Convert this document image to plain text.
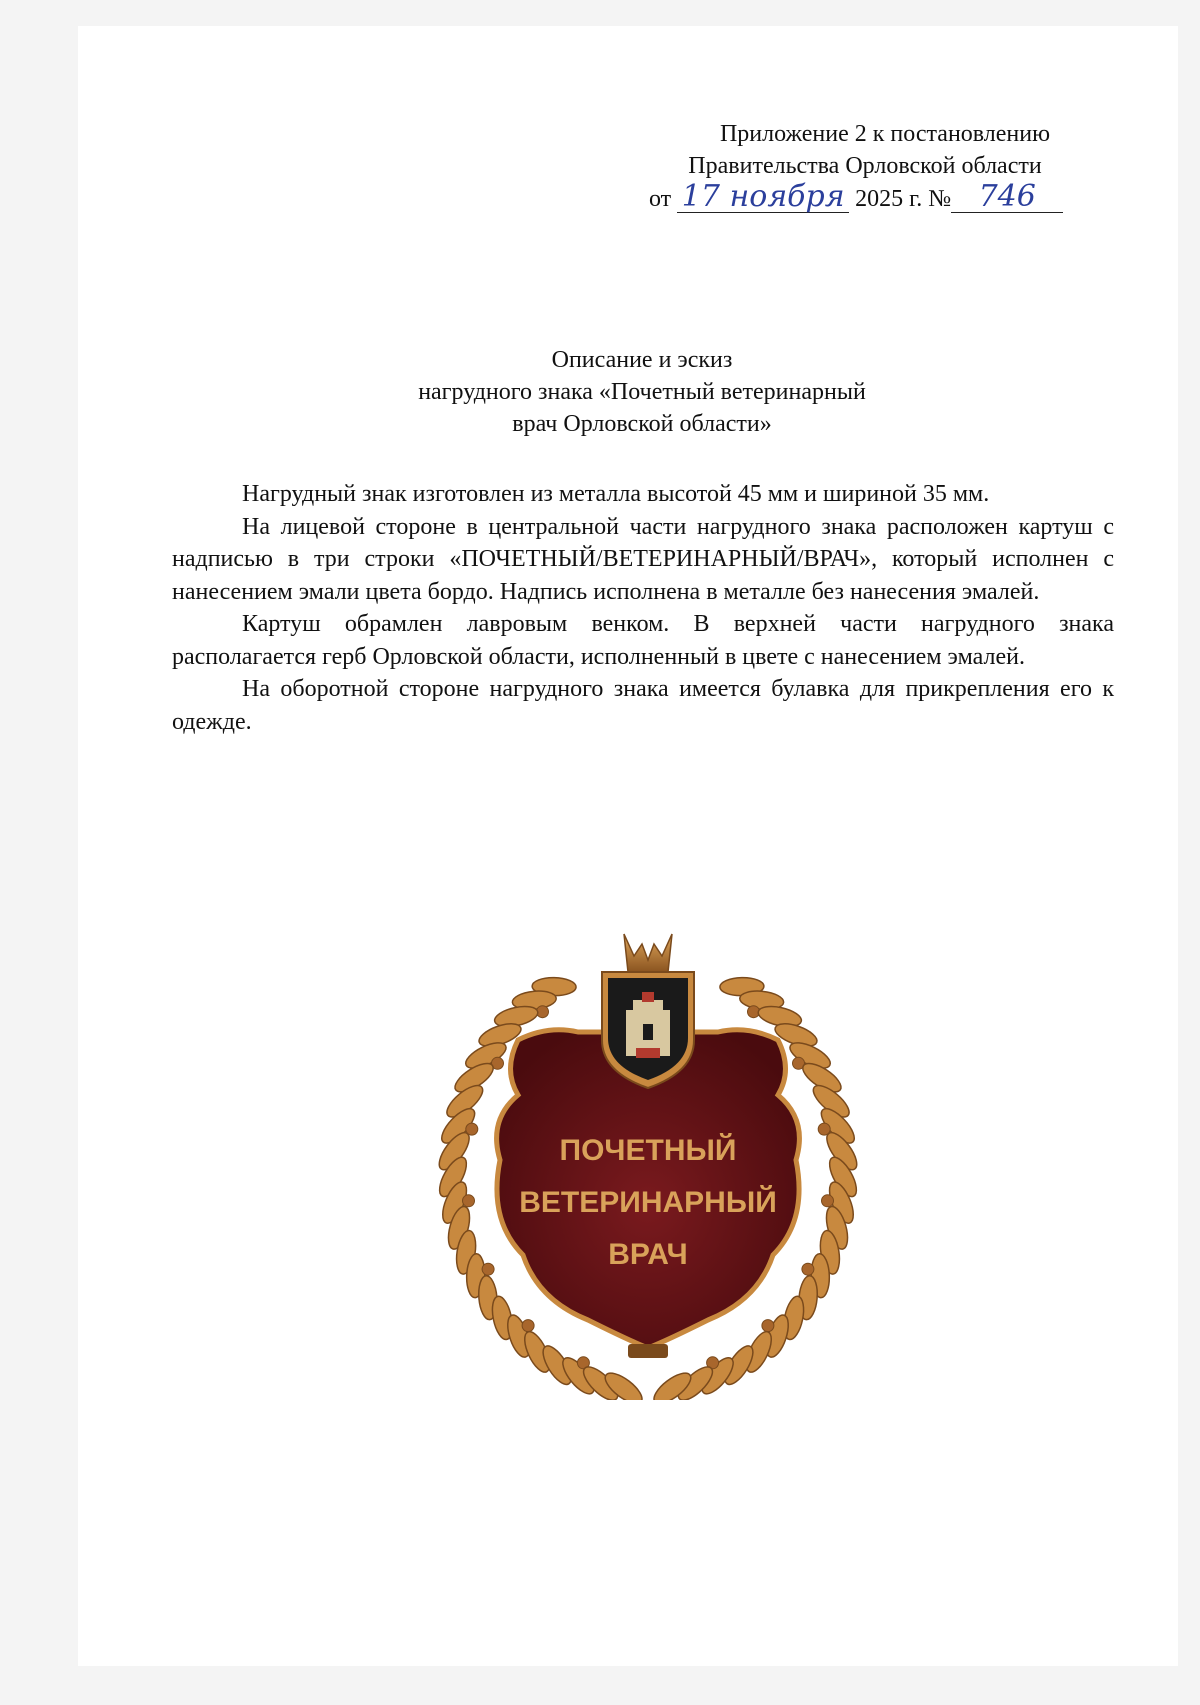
Приложение 2 к постановлению
Правительства Орловской области
от 17 ноября 2025 г. № 746
Описание и эскиз
нагрудного знака «Почетный ветеринарный
врач Орловской области»

Нагрудный знак изготовлен из металла высотой 45 мм и шириной 35 мм.

На лицевой стороне в центральной части нагрудного знака расположен картуш с надписью в три строки «ПОЧЕТНЫЙ/ВЕТЕРИНАРНЫЙ/ВРАЧ», который исполнен с нанесением эмали цвета бордо. Надпись исполнена в металле без нанесения эмалей.

Картуш обрамлен лавровым венком. В верхней части нагрудного знака располагается герб Орловской области, исполненный в цвете с нанесением эмалей.

На оборотной стороне нагрудного знака имеется булавка для прикрепления его к одежде.

ПОЧЕТНЫЙ
ВЕТЕРИНАРНЫЙ
ВРАЧ
